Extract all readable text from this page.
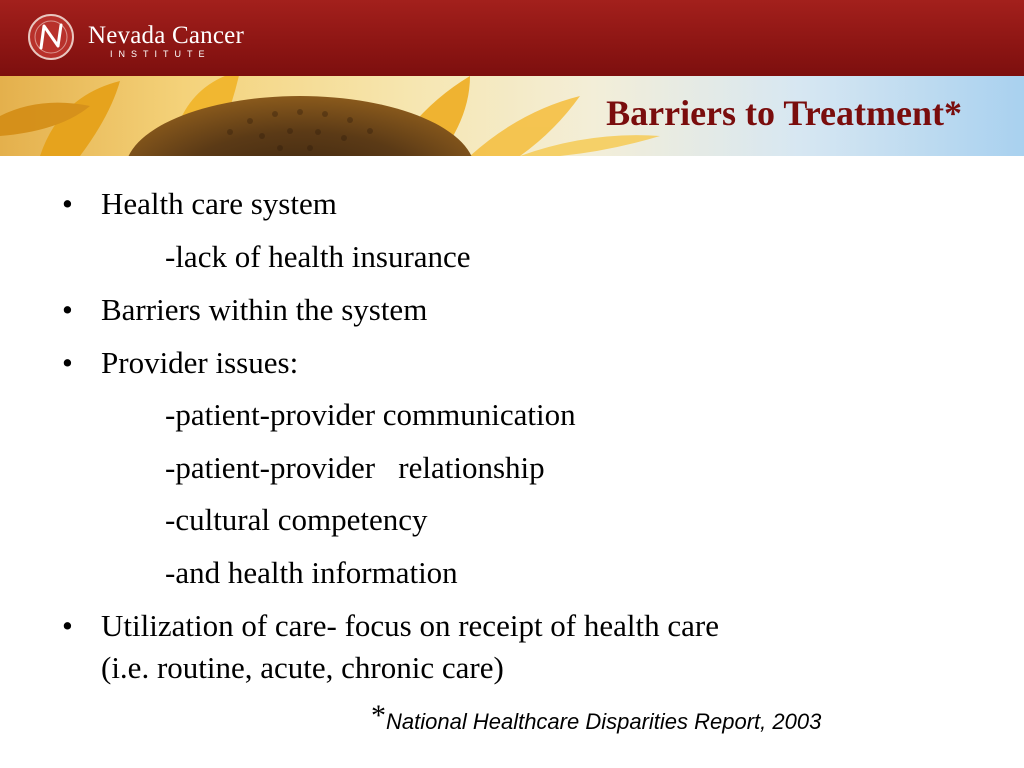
Nevada Cancer
INSTITUTE
Barriers to Treatment*
• Health care system
-lack of health insurance
• Barriers within the system
• Provider issues:
-patient-provider communication
-patient-provider   relationship
-cultural competency
-and health information
• Utilization of care- focus on receipt of health care
(i.e. routine, acute, chronic care)
*National Healthcare Disparities Report, 2003
